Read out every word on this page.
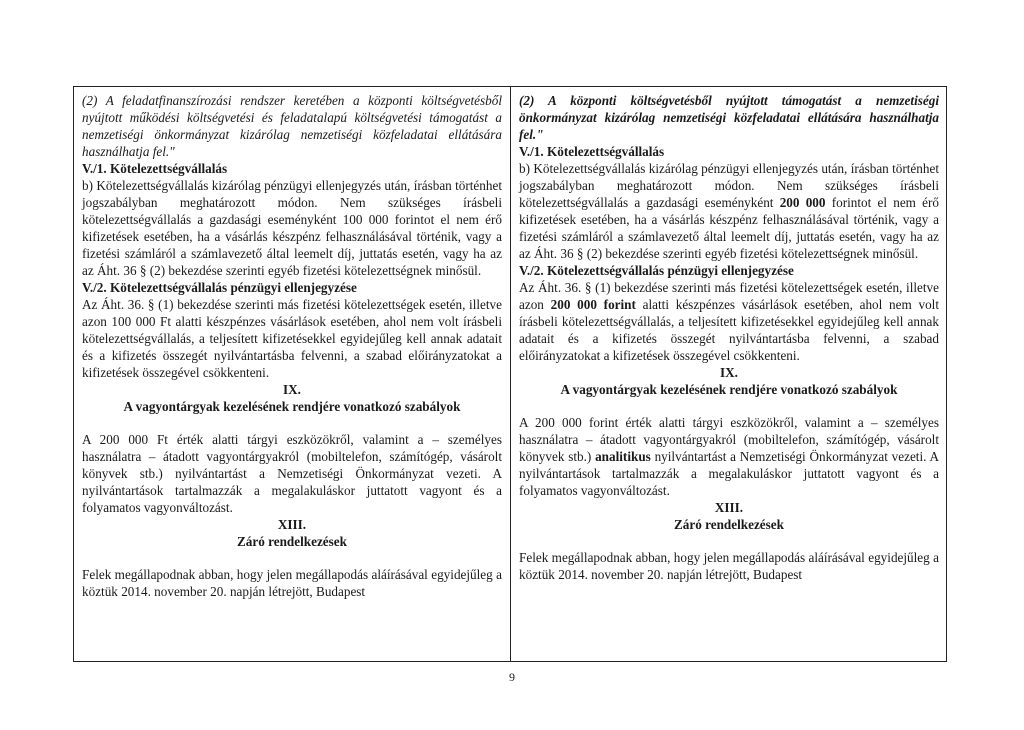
(2) A feladatfinanszírozási rendszer keretében a központi költségvetésből nyújtott működési költségvetési és feladatalapú költségvetési támogatást a nemzetiségi önkormányzat kizárólag nemzetiségi közfeladatai ellátására használhatja fel."

V./1. Kötelezettségvállalás

b) Kötelezettségvállalás kizárólag pénzügyi ellenjegyzés után, írásban történhet jogszabályban meghatározott módon. Nem szükséges írásbeli kötelezettségvállalás a gazdasági eseményként 100 000 forintot el nem érő kifizetések esetében, ha a vásárlás készpénz felhasználásával történik, vagy a fizetési számláról a számlavezető által leemelt díj, juttatás esetén, vagy ha az az Áht. 36 § (2) bekezdése szerinti egyéb fizetési kötelezettségnek minősül.

V./2. Kötelezettségvállalás pénzügyi ellenjegyzése

Az Áht. 36. § (1) bekezdése szerinti más fizetési kötelezettségek esetén, illetve azon 100 000 Ft alatti készpénzes vásárlások esetében, ahol nem volt írásbeli kötelezettségvállalás, a teljesített kifizetésekkel egyidejűleg kell annak adatait és a kifizetés összegét nyilvántartásba felvenni, a szabad előirányzatokat a kifizetések összegével csökkenteni.

IX.

A vagyontárgyak kezelésének rendjére vonatkozó szabályok

A 200 000 Ft érték alatti tárgyi eszközökről, valamint a – személyes használatra – átadott vagyontárgyakról (mobiltelefon, számítógép, vásárolt könyvek stb.) nyilvántartást a Nemzetiségi Önkormányzat vezeti. A nyilvántartások tartalmazzák a megalakuláskor juttatott vagyont és a folyamatos vagyonváltozást.

XIII.

Záró rendelkezések

Felek megállapodnak abban, hogy jelen megállapodás aláírásával egyidejűleg a köztük 2014. november 20. napján létrejött, Budapest

(2) A központi költségvetésből nyújtott támogatást a nemzetiségi önkormányzat kizárólag nemzetiségi közfeladatai ellátására használhatja fel."

V./1. Kötelezettségvállalás

b) Kötelezettségvállalás kizárólag pénzügyi ellenjegyzés után, írásban történhet jogszabályban meghatározott módon. Nem szükséges írásbeli kötelezettségvállalás a gazdasági eseményként 200 000 forintot el nem érő kifizetések esetében, ha a vásárlás készpénz felhasználásával történik, vagy a fizetési számláról a számlavezető által leemelt díj, juttatás esetén, vagy ha az az Áht. 36 § (2) bekezdése szerinti egyéb fizetési kötelezettségnek minősül.

V./2. Kötelezettségvállalás pénzügyi ellenjegyzése

Az Áht. 36. § (1) bekezdése szerinti más fizetési kötelezettségek esetén, illetve azon 200 000 forint alatti készpénzes vásárlások esetében, ahol nem volt írásbeli kötelezettségvállalás, a teljesített kifizetésekkel egyidejűleg kell annak adatait és a kifizetés összegét nyilvántartásba felvenni, a szabad előirányzatokat a kifizetések összegével csökkenteni.

IX.

A vagyontárgyak kezelésének rendjére vonatkozó szabályok

A 200 000 forint érték alatti tárgyi eszközökről, valamint a – személyes használatra – átadott vagyontárgyakról (mobiltelefon, számítógép, vásárolt könyvek stb.) analitikus nyilvántartást a Nemzetiségi Önkormányzat vezeti. A nyilvántartások tartalmazzák a megalakuláskor juttatott vagyont és a folyamatos vagyonváltozást.

XIII.

Záró rendelkezések

Felek megállapodnak abban, hogy jelen megállapodás aláírásával egyidejűleg a köztük 2014. november 20. napján létrejött, Budapest

9
